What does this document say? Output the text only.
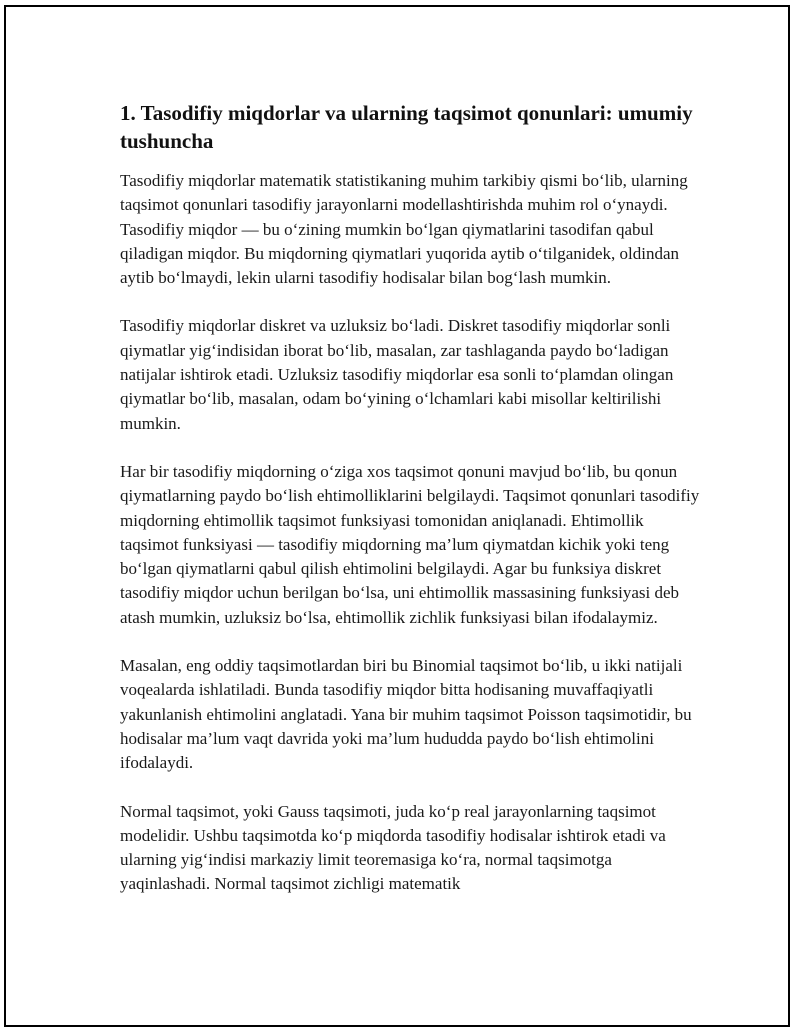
1. Tasodifiy miqdorlar va ularning taqsimot qonunlari: umumiy tushuncha

Tasodifiy miqdorlar matematik statistikaning muhim tarkibiy qismi bo‘lib, ularning taqsimot qonunlari tasodifiy jarayonlarni modellashtirishda muhim rol o‘ynaydi. Tasodifiy miqdor — bu o‘zining mumkin bo‘lgan qiymatlarini tasodifan qabul qiladigan miqdor. Bu miqdorning qiymatlari yuqorida aytib o‘tilganidek, oldindan aytib bo‘lmaydi, lekin ularni tasodifiy hodisalar bilan bog‘lash mumkin.

Tasodifiy miqdorlar diskret va uzluksiz bo‘ladi. Diskret tasodifiy miqdorlar sonli qiymatlar yig‘indisidan iborat bo‘lib, masalan, zar tashlaganda paydo bo‘ladigan natijalar ishtirok etadi. Uzluksiz tasodifiy miqdorlar esa sonli to‘plamdan olingan qiymatlar bo‘lib, masalan, odam bo‘yining o‘lchamlari kabi misollar keltirilishi mumkin.

Har bir tasodifiy miqdorning o‘ziga xos taqsimot qonuni mavjud bo‘lib, bu qonun qiymatlarning paydo bo‘lish ehtimolliklarini belgilaydi. Taqsimot qonunlari tasodifiy miqdorning ehtimollik taqsimot funksiyasi tomonidan aniqlanadi. Ehtimollik taqsimot funksiyasi — tasodifiy miqdorning ma’lum qiymatdan kichik yoki teng bo‘lgan qiymatlarni qabul qilish ehtimolini belgilaydi. Agar bu funksiya diskret tasodifiy miqdor uchun berilgan bo‘lsa, uni ehtimollik massasining funksiyasi deb atash mumkin, uzluksiz bo‘lsa, ehtimollik zichlik funksiyasi bilan ifodalaymiz.

Masalan, eng oddiy taqsimotlardan biri bu Binomial taqsimot bo‘lib, u ikki natijali voqealarda ishlatiladi. Bunda tasodifiy miqdor bitta hodisaning muvaffaqiyatli yakunlanish ehtimolini anglatadi. Yana bir muhim taqsimot Poisson taqsimotidir, bu hodisalar ma’lum vaqt davrida yoki ma’lum hududda paydo bo‘lish ehtimolini ifodalaydi.

Normal taqsimot, yoki Gauss taqsimoti, juda ko‘p real jarayonlarning taqsimot modelidir. Ushbu taqsimotda ko‘p miqdorda tasodifiy hodisalar ishtirok etadi va ularning yig‘indisi markaziy limit teoremasiga ko‘ra, normal taqsimotga yaqinlashadi. Normal taqsimot zichligi matematik
